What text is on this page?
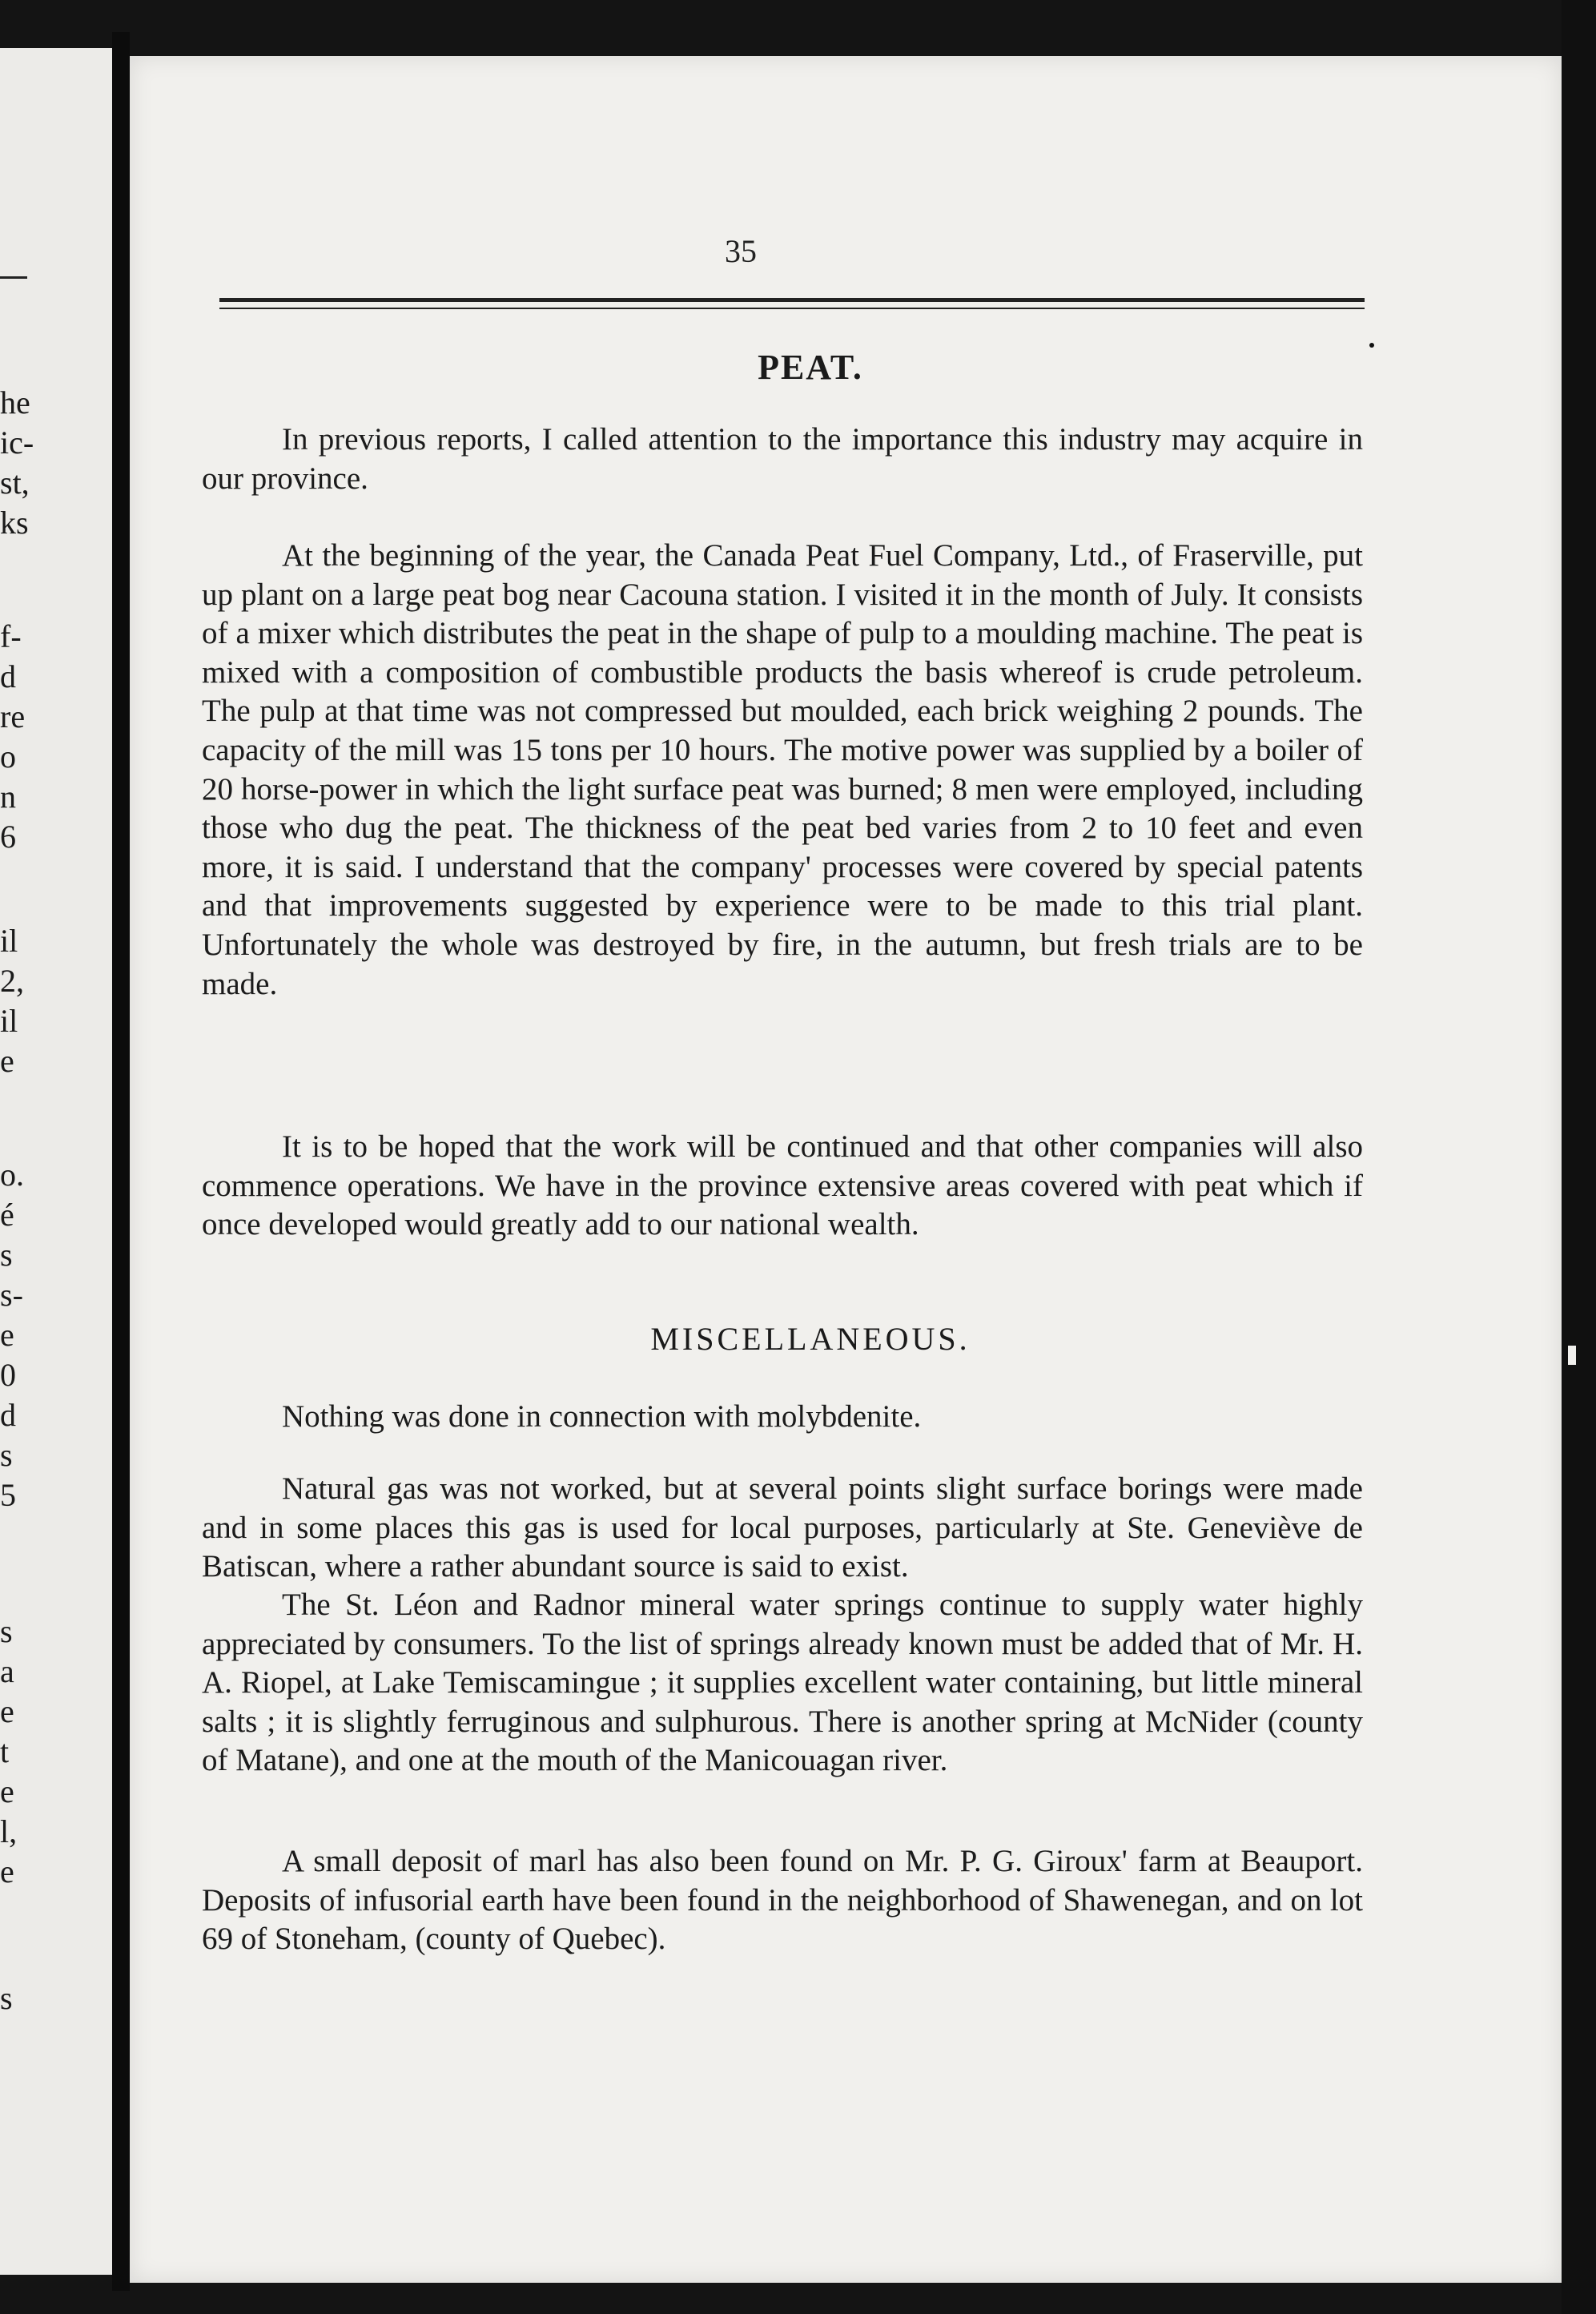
he
ic-
st,
ks
f-
d
re
o
n
6
il
2,
il
e
o.
é
s
s-
e
0
d
s
5
s
a
e
t
e
l,
e
s
35
PEAT.

In previous reports, I called attention to the importance this industry may acquire in our province.

At the beginning of the year, the Canada Peat Fuel Company, Ltd., of Fraserville, put up plant on a large peat bog near Cacouna station. I visited it in the month of July. It consists of a mixer which distributes the peat in the shape of pulp to a moulding machine. The peat is mixed with a composition of combustible products the basis whereof is crude petroleum. The pulp at that time was not compressed but moulded, each brick weighing 2 pounds. The capacity of the mill was 15 tons per 10 hours. The motive power was supplied by a boiler of 20 horse-power in which the light surface peat was burned; 8 men were employed, including those who dug the peat. The thickness of the peat bed varies from 2 to 10 feet and even more, it is said. I understand that the company' processes were covered by special patents and that improvements suggested by experience were to be made to this trial plant. Unfortunately the whole was destroyed by fire, in the autumn, but fresh trials are to be made.

It is to be hoped that the work will be continued and that other companies will also commence operations. We have in the province extensive areas covered with peat which if once developed would greatly add to our national wealth.

MISCELLANEOUS.

Nothing was done in connection with molybdenite.

Natural gas was not worked, but at several points slight surface borings were made and in some places this gas is used for local purposes, particularly at Ste. Geneviève de Batiscan, where a rather abundant source is said to exist.

The St. Léon and Radnor mineral water springs continue to supply water highly appreciated by consumers. To the list of springs already known must be added that of Mr. H. A. Riopel, at Lake Temiscamingue ; it supplies excellent water containing, but little mineral salts ; it is slightly ferruginous and sulphurous. There is another spring at McNider (county of Matane), and one at the mouth of the Manicouagan river.

A small deposit of marl has also been found on Mr. P. G. Giroux' farm at Beauport. Deposits of infusorial earth have been found in the neighborhood of Shawenegan, and on lot 69 of Stoneham, (county of Quebec).
